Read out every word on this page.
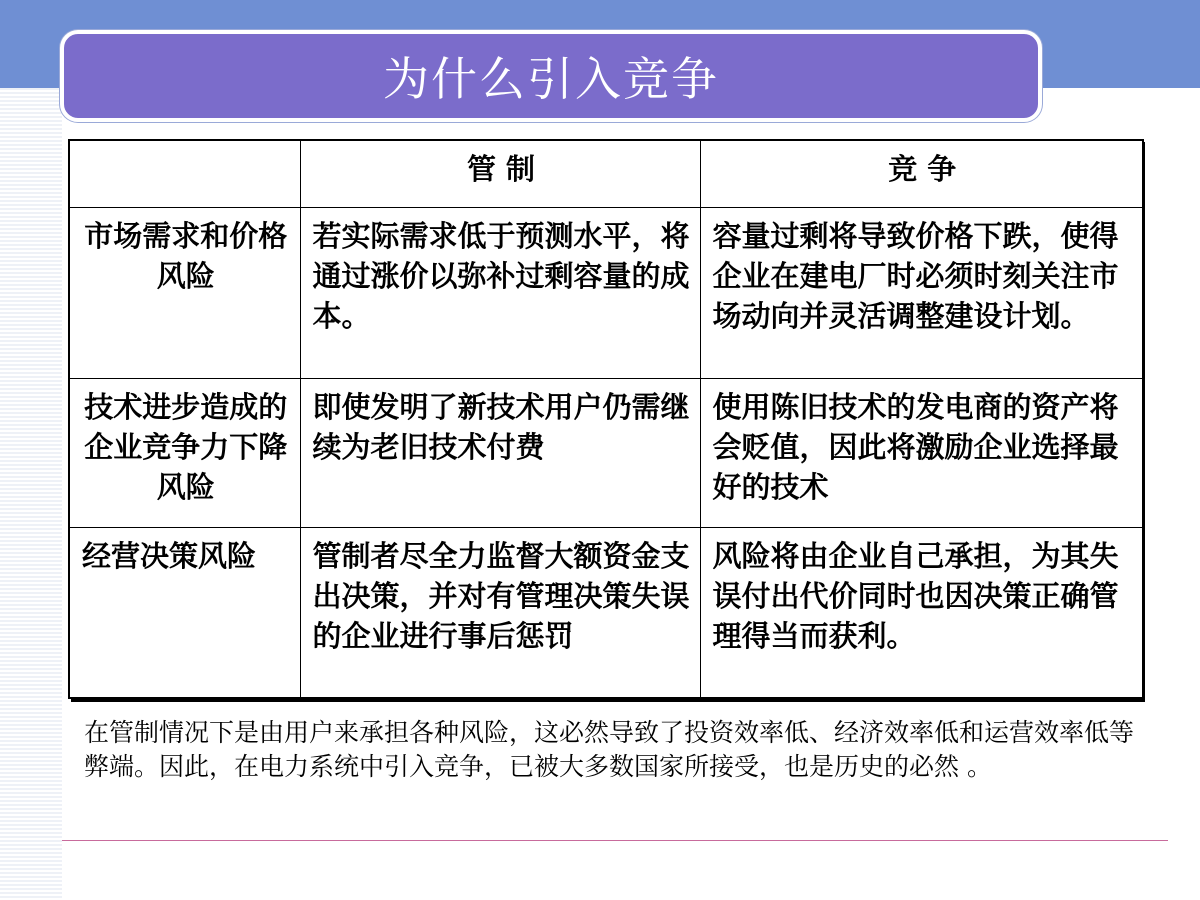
为什么引入竞争
	管 制	竞 争
市场需求和价格风险	若实际需求低于预测水平，将通过涨价以弥补过剩容量的成本。	容量过剩将导致价格下跌，使得企业在建电厂时必须时刻关注市场动向并灵活调整建设计划。
技术进步造成的企业竞争力下降风险	即使发明了新技术用户仍需继续为老旧技术付费	使用陈旧技术的发电商的资产将会贬值，因此将激励企业选择最好的技术
经营决策风险	管制者尽全力监督大额资金支出决策，并对有管理决策失误的企业进行事后惩罚	风险将由企业自己承担，为其失误付出代价同时也因决策正确管理得当而获利。
在管制情况下是由用户来承担各种风险，这必然导致了投资效率低、经济效率低和运营效率低等弊端。因此，在电力系统中引入竞争，已被大多数国家所接受，也是历史的必然 。
